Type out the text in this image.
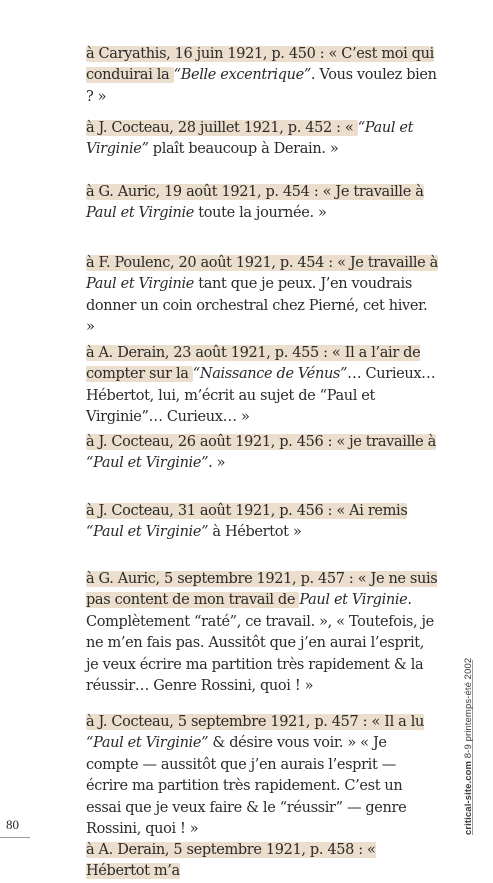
à Caryathis, 16 juin 1921, p. 450 : « C’est moi qui conduirai la “Belle excentrique”. Vous voulez bien ? »

à J. Cocteau, 28 juillet 1921, p. 452 : « “Paul et Virginie” plaît beaucoup à Derain. »

à G. Auric, 19 août 1921, p. 454 : « Je travaille à Paul et Virginie toute la journée. »

à F. Poulenc, 20 août 1921, p. 454 : « Je travaille à Paul et Virginie tant que je peux. J’en voudrais donner un coin orchestral chez Pierné, cet hiver. »

à A. Derain, 23 août 1921, p. 455 : « Il a l’air de compter sur la “Naissance de Vénus”… Curieux… Hébertot, lui, m’écrit au sujet de “Paul et Virginie”… Curieux… »

à J. Cocteau, 26 août 1921, p. 456 : « je travaille à “Paul et Virginie”. »

à J. Cocteau, 31 août 1921, p. 456 : « Ai remis “Paul et Virginie” à Hébertot »

à G. Auric, 5 septembre 1921, p. 457 : « Je ne suis pas content de mon travail de Paul et Virginie. Complètement “raté”, ce travail. », « Toutefois, je ne m’en fais pas. Aussitôt que j’en aurai l’esprit, je veux écrire ma partition très rapidement & la réussir… Genre Rossini, quoi ! »

à J. Cocteau, 5 septembre 1921, p. 457 : « Il a lu “Paul et Virginie” & désire vous voir. » « Je compte — aussitôt que j’en aurais l’esprit — écrire ma partition très rapidement. C’est un essai que je veux faire & le “réussir” — genre Rossini, quoi ! »

à A. Derain, 5 septembre 1921, p. 458 : « Hébertot m’a

critical-site.com 8-9 printemps-été 2002
80
